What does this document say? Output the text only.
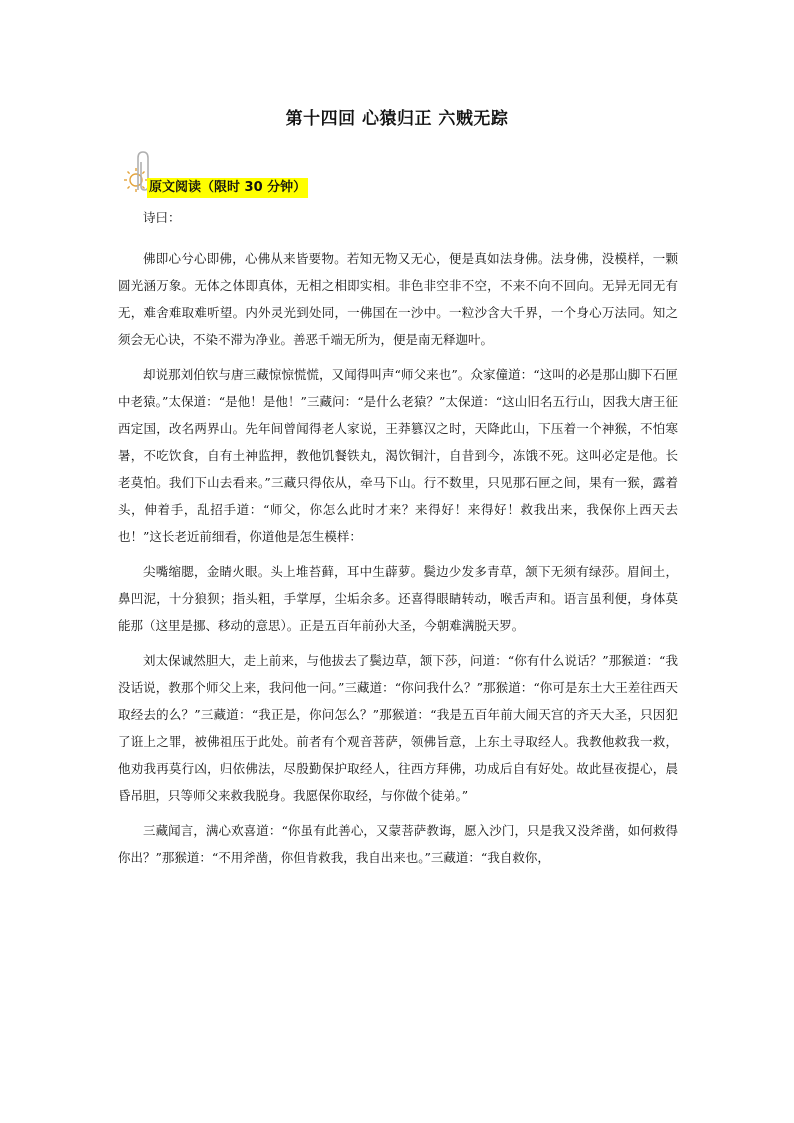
第十四回 心猿归正 六贼无踪
原文阅读（限时 30 分钟）

诗曰：

佛即心兮心即佛，心佛从来皆要物。若知无物又无心，便是真如法身佛。法身佛，没模样，一颗圆光涵万象。无体之体即真体，无相之相即实相。非色非空非不空，不来不向不回向。无异无同无有无，难舍难取难听望。内外灵光到处同，一佛国在一沙中。一粒沙含大千界，一个身心万法同。知之须会无心诀，不染不滞为净业。善恶千端无所为，便是南无释迦叶。

却说那刘伯钦与唐三藏惊惊慌慌，又闻得叫声“师父来也”。众家僮道：“这叫的必是那山脚下石匣中老猿。”太保道：“是他！是他！”三藏问：“是什么老猿？”太保道：“这山旧名五行山，因我大唐王征西定国，改名两界山。先年间曾闻得老人家说，王莽篡汉之时，天降此山，下压着一个神猴，不怕寒暑，不吃饮食，自有土神监押，教他饥餐铁丸，渴饮铜汁，自昔到今，冻饿不死。这叫必定是他。长老莫怕。我们下山去看来。”三藏只得依从，牵马下山。行不数里，只见那石匣之间，果有一猴，露着头，伸着手，乱招手道：“师父，你怎么此时才来？来得好！来得好！救我出来，我保你上西天去也！”这长老近前细看，你道他是怎生模样：

尖嘴缩腮，金睛火眼。头上堆苔藓，耳中生薜萝。鬓边少发多青草，颔下无须有绿莎。眉间土，鼻凹泥，十分狼狈；指头粗，手掌厚，尘垢余多。还喜得眼睛转动，喉舌声和。语言虽利便，身体莫能那（这里是挪、移动的意思）。正是五百年前孙大圣，今朝难满脱天罗。

刘太保诚然胆大，走上前来，与他拔去了鬓边草，颔下莎，问道：“你有什么说话？”那猴道：“我没话说，教那个师父上来，我问他一问。”三藏道：“你问我什么？”那猴道：“你可是东土大王差往西天取经去的么？”三藏道：“我正是，你问怎么？”那猴道：“我是五百年前大闹天宫的齐天大圣，只因犯了诳上之罪，被佛祖压于此处。前者有个观音菩萨，领佛旨意，上东土寻取经人。我教他救我一救，他劝我再莫行凶，归依佛法，尽殷勤保护取经人，往西方拜佛，功成后自有好处。故此昼夜提心，晨昏吊胆，只等师父来救我脱身。我愿保你取经，与你做个徒弟。”

三藏闻言，满心欢喜道：“你虽有此善心，又蒙菩萨教诲，愿入沙门，只是我又没斧凿，如何救得你出？”那猴道：“不用斧凿，你但肯救我，我自出来也。”三藏道：“我自救你，
